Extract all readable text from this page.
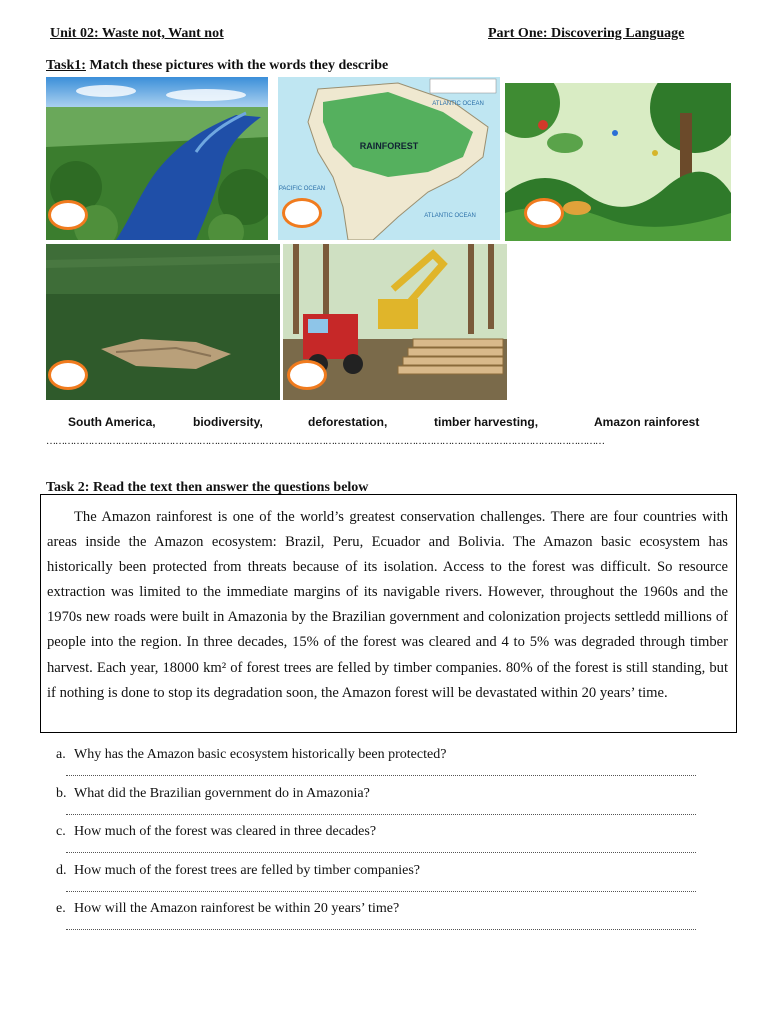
Unit 02: Waste not, Want not	Part One: Discovering Language
Task1: Match these pictures with the words they describe
RAINFOREST
ATLANTIC OCEAN
PACIFIC OCEAN
ATLANTIC OCEAN
South America,	biodiversity,	deforestation,	timber harvesting,	Amazon rainforest
……………………………………………………………………………………………………………………………………………………………………
Task 2: Read the text then answer the questions below

The Amazon rainforest is one of the world’s greatest conservation challenges. There are four countries with areas inside the Amazon ecosystem: Brazil, Peru, Ecuador and Bolivia. The Amazon basic ecosystem has historically been protected from threats because of its isolation. Access to the forest was difficult. So resource extraction was limited to the immediate margins of its navigable rivers. However, throughout the 1960s and the 1970s new roads were built in Amazonia by the Brazilian government and colonization projects settledd millions of people into the region. In three decades, 15% of the forest was cleared and 4 to 5% was degraded through timber harvest. Each year, 18000 km² of forest trees are felled by timber companies. 80% of the forest is still standing, but if nothing is done to stop its degradation soon, the Amazon forest will be devastated within 20 years’ time.

a. Why has the Amazon basic ecosystem historically been protected?
b. What did the Brazilian government do in Amazonia?
c. How much of the forest was cleared in three decades?
d. How much of the forest trees are felled by timber companies?
e. How will the Amazon rainforest be within 20 years’ time?
